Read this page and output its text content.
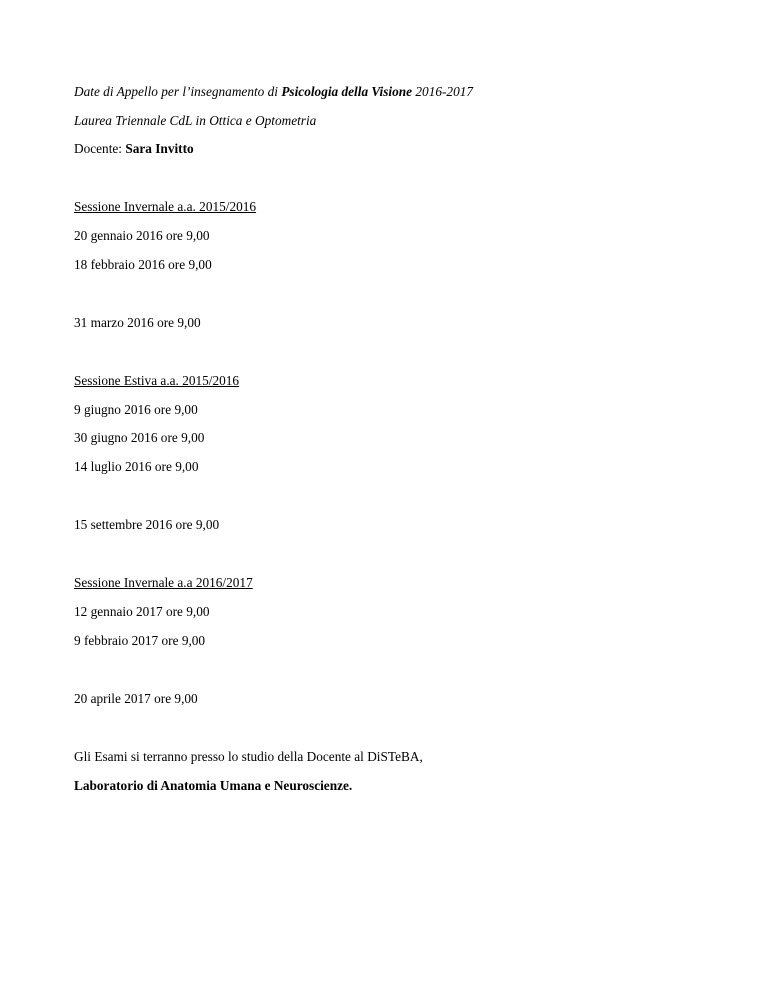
Date di Appello per l’insegnamento di Psicologia della Visione 2016-2017
Laurea Triennale CdL in Ottica e Optometria
Docente: Sara Invitto
Sessione Invernale a.a. 2015/2016
20 gennaio 2016 ore 9,00
18 febbraio 2016 ore 9,00
31 marzo 2016 ore 9,00
Sessione Estiva a.a. 2015/2016
9 giugno 2016 ore 9,00
30 giugno 2016 ore 9,00
14 luglio 2016 ore 9,00
15 settembre 2016 ore 9,00
Sessione Invernale a.a 2016/2017
12 gennaio 2017 ore 9,00
9 febbraio 2017 ore 9,00
20 aprile 2017 ore 9,00
Gli Esami si terranno presso lo studio della Docente al DiSTeBA,
Laboratorio di Anatomia Umana e Neuroscienze.
